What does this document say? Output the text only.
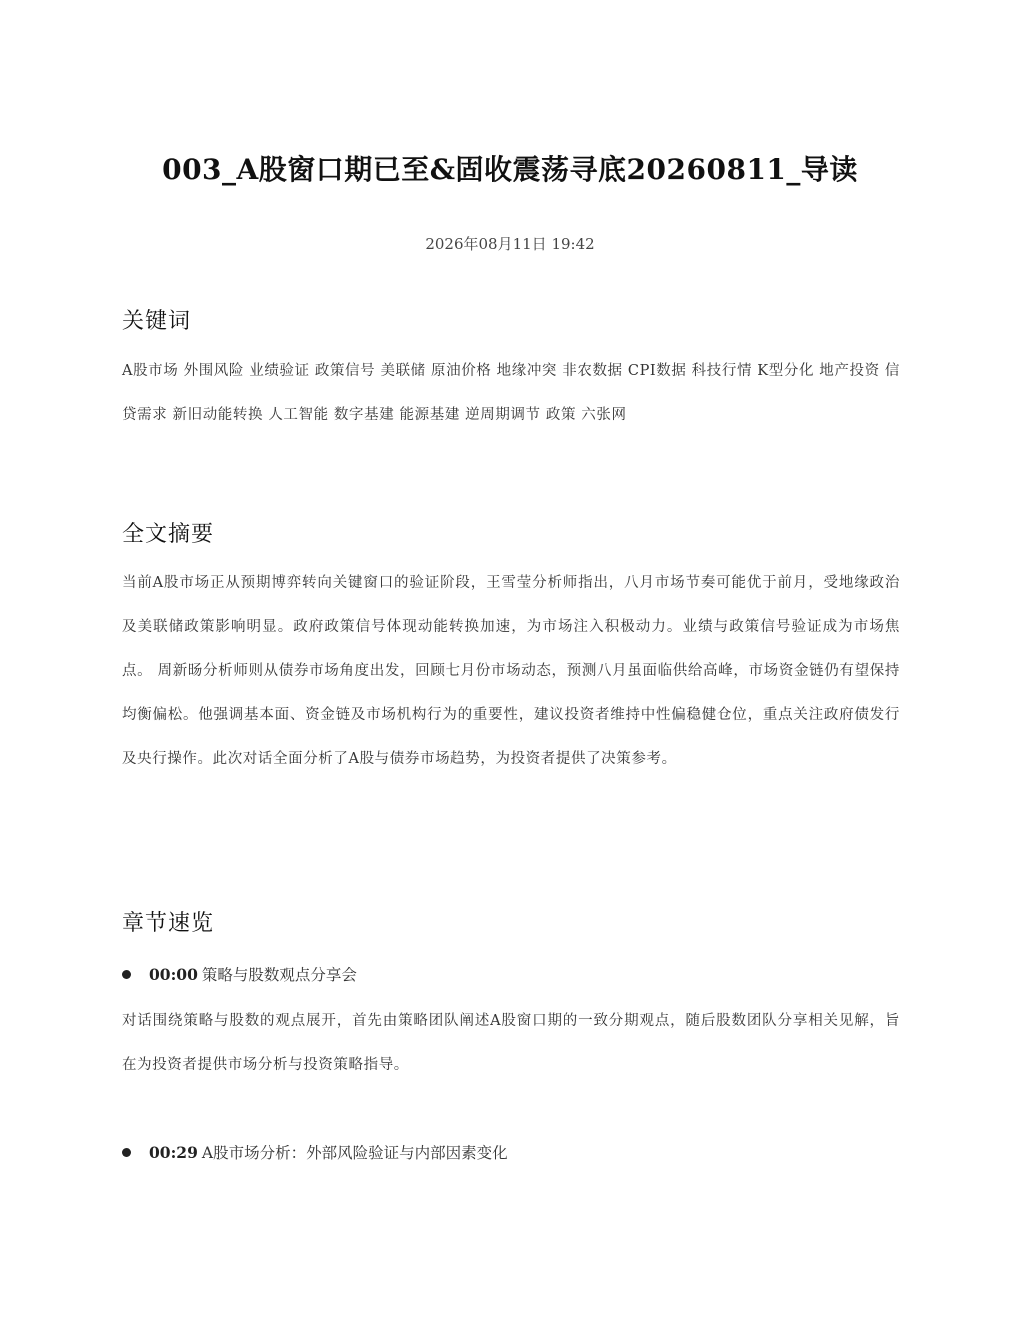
003_A股窗口期已至&固收震荡寻底20260811_导读
2026年08月11日 19:42
关键词

A股市场 外围风险 业绩验证 政策信号 美联储 原油价格 地缘冲突 非农数据 CPI数据 科技行情 K型分化 地产投资 信贷需求 新旧动能转换 人工智能 数字基建 能源基建 逆周期调节 政策 六张网

全文摘要

当前A股市场正从预期博弈转向关键窗口的验证阶段，王雪莹分析师指出，八月市场节奏可能优于前月，受地缘政治及美联储政策影响明显。政府政策信号体现动能转换加速，为市场注入积极动力。业绩与政策信号验证成为市场焦点。 周新旸分析师则从债券市场角度出发，回顾七月份市场动态，预测八月虽面临供给高峰，市场资金链仍有望保持均衡偏松。他强调基本面、资金链及市场机构行为的重要性，建议投资者维持中性偏稳健仓位，重点关注政府债发行及央行操作。此次对话全面分析了A股与债券市场趋势，为投资者提供了决策参考。

章节速览
00:00 策略与股数观点分享会

对话围绕策略与股数的观点展开，首先由策略团队阐述A股窗口期的一致分期观点，随后股数团队分享相关见解，旨在为投资者提供市场分析与投资策略指导。

00:29 A股市场分析：外部风险验证与内部因素变化
